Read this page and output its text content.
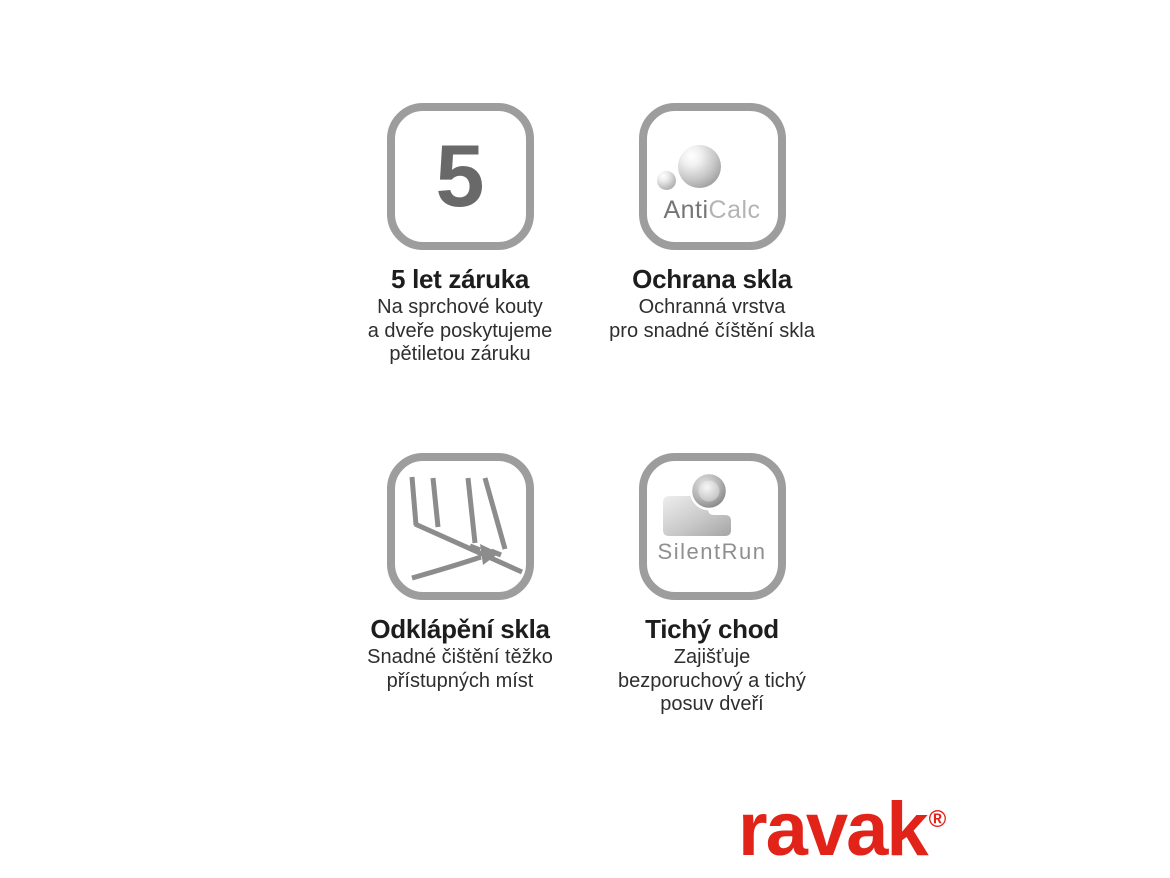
5
5 let záruka

Na sprchové kouty
a dveře poskytujeme
pětiletou záruku

AntiCalc
Ochrana skla

Ochranná vrstva
pro snadné číštění skla

Odklápění skla

Snadné čištění těžko
přístupných míst

SilentRun
Tichý chod

Zajišťuje
bezporuchový a tichý
posuv dveří

ravak®
